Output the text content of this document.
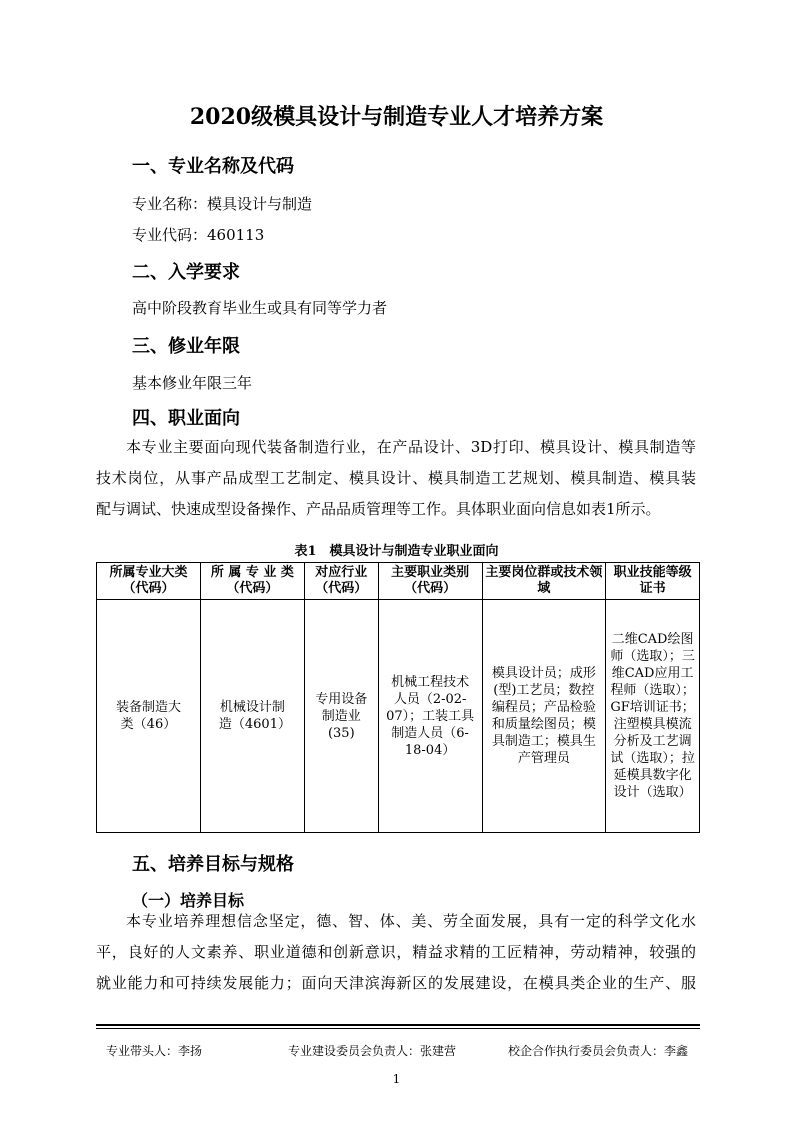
2020级模具设计与制造专业人才培养方案
一、专业名称及代码
专业名称：模具设计与制造
专业代码：460113
二、入学要求
高中阶段教育毕业生或具有同等学力者
三、修业年限
基本修业年限三年
四、职业面向
本专业主要面向现代装备制造行业，在产品设计、3D打印、模具设计、模具制造等
技术岗位，从事产品成型工艺制定、模具设计、模具制造工艺规划、模具制造、模具装
配与调试、快速成型设备操作、产品品质管理等工作。具体职业面向信息如表1所示。
表1　模具设计与制造专业职业面向
所属专业大类（代码）	所 属 专 业 类（代码）	对应行业（代码）	主要职业类别（代码）	主要岗位群或技术领域	职业技能等级证书
装备制造大类（46）	机械设计制造（4601）	专用设备制造业(35)	机械工程技术人员（2-02-07）；工装工具制造人员（6-18-04）	模具设计员；成形(型)工艺员；数控编程员；产品检验和质量绘图员；模具制造工；模具生产管理员	二维CAD绘图师（选取）；三维CAD应用工程师（选取）；GF培训证书；注塑模具模流分析及工艺调试（选取）；拉延模具数字化设计（选取）
五、培养目标与规格
（一）培养目标
本专业培养理想信念坚定，德、智、体、美、劳全面发展，具有一定的科学文化水
平，良好的人文素养、职业道德和创新意识，精益求精的工匠精神，劳动精神，较强的
就业能力和可持续发展能力；面向天津滨海新区的发展建设，在模具类企业的生产、服
专业带头人：李扬	专业建设委员会负责人：张建营	校企合作执行委员会负责人：李鑫
1
